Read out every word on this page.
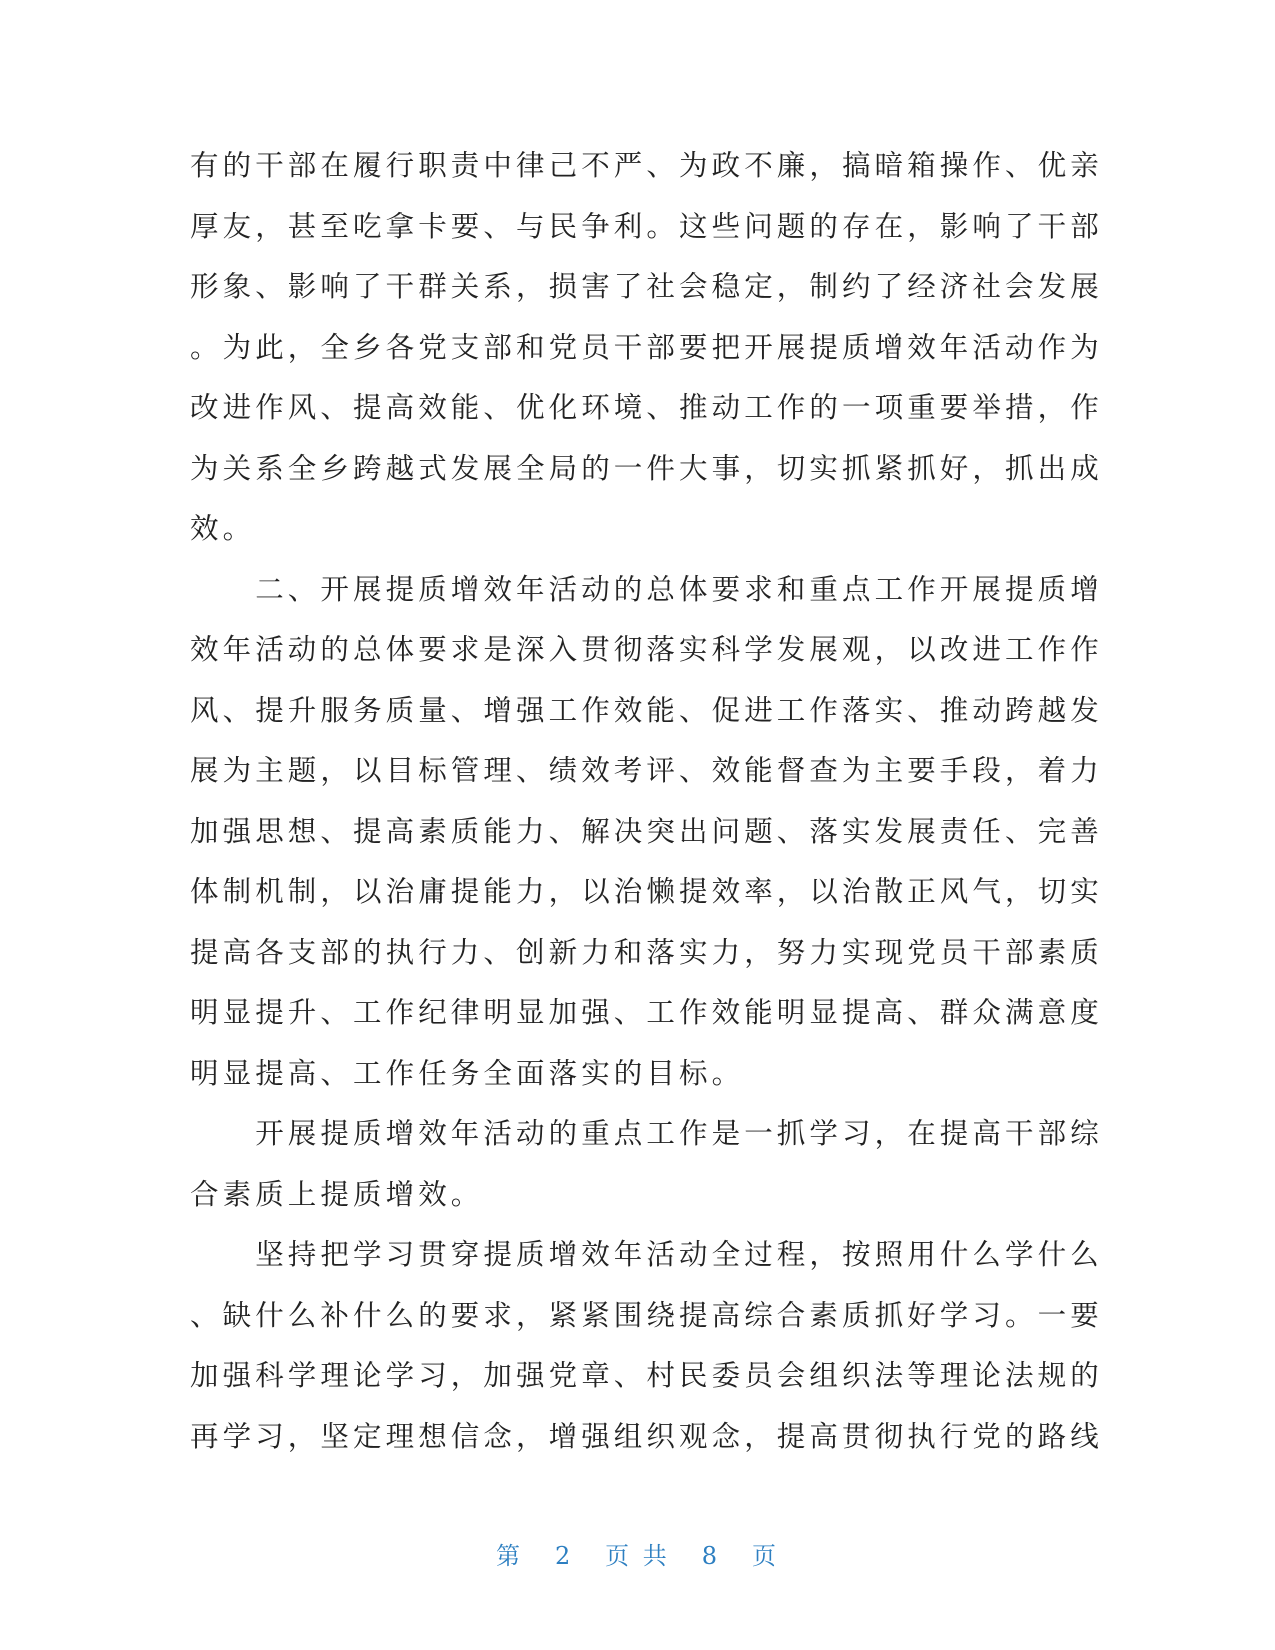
有的干部在履行职责中律己不严、为政不廉，搞暗箱操作、优亲
厚友，甚至吃拿卡要、与民争利。这些问题的存在，影响了干部
形象、影响了干群关系，损害了社会稳定，制约了经济社会发展
。为此，全乡各党支部和党员干部要把开展提质增效年活动作为
改进作风、提高效能、优化环境、推动工作的一项重要举措，作
为关系全乡跨越式发展全局的一件大事，切实抓紧抓好，抓出成
效。
　　二、开展提质增效年活动的总体要求和重点工作开展提质增
效年活动的总体要求是深入贯彻落实科学发展观，以改进工作作
风、提升服务质量、增强工作效能、促进工作落实、推动跨越发
展为主题，以目标管理、绩效考评、效能督查为主要手段，着力
加强思想、提高素质能力、解决突出问题、落实发展责任、完善
体制机制，以治庸提能力，以治懒提效率，以治散正风气，切实
提高各支部的执行力、创新力和落实力，努力实现党员干部素质
明显提升、工作纪律明显加强、工作效能明显提高、群众满意度
明显提高、工作任务全面落实的目标。
　　开展提质增效年活动的重点工作是一抓学习，在提高干部综
合素质上提质增效。
　　坚持把学习贯穿提质增效年活动全过程，按照用什么学什么
、缺什么补什么的要求，紧紧围绕提高综合素质抓好学习。一要
加强科学理论学习，加强党章、村民委员会组织法等理论法规的
再学习，坚定理想信念，增强组织观念，提高贯彻执行党的路线
第 2 页 共 8 页
